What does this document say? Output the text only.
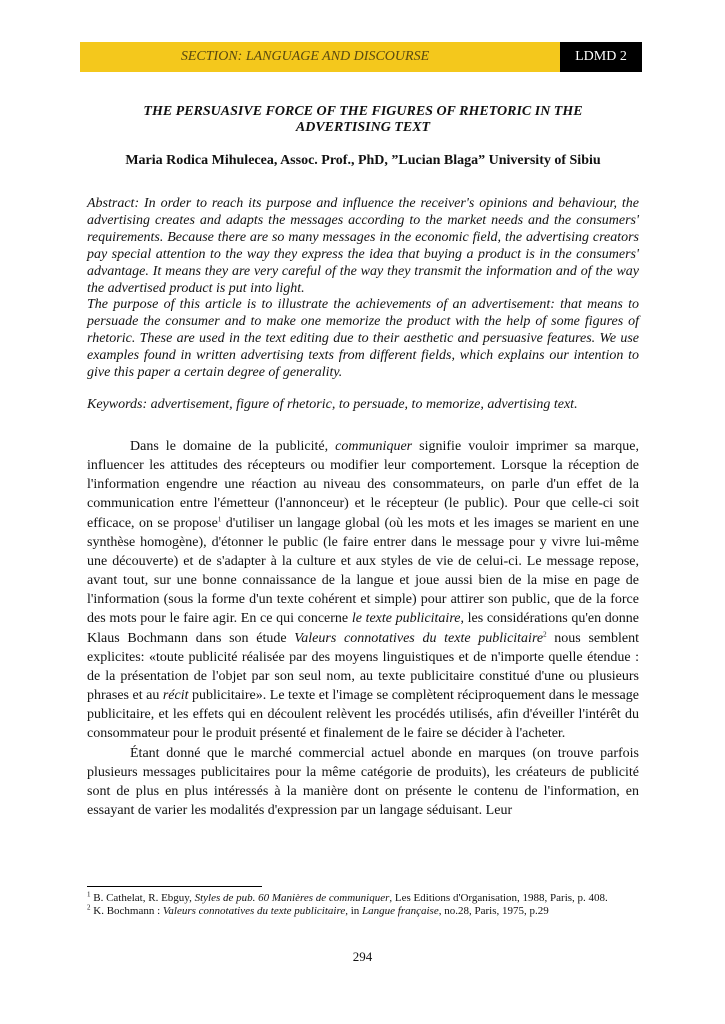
SECTION: LANGUAGE AND DISCOURSE	LDMD 2
THE PERSUASIVE FORCE OF THE FIGURES OF RHETORIC IN THE
ADVERTISING TEXT
Maria Rodica Mihulecea, Assoc. Prof., PhD, ”Lucian Blaga” University of Sibiu

Abstract: In order to reach its purpose and influence the receiver's opinions and behaviour, the advertising creates and adapts the messages according to the market needs and the consumers' requirements. Because there are so many messages in the economic field, the advertising creators pay special attention to the way they express the idea that buying a product is in the consumers' advantage. It means they are very careful of the way they transmit the information and of the way the advertised product is put into light.

The purpose of this article is to illustrate the achievements of an advertisement: that means to persuade the consumer and to make one memorize the product with the help of some figures of rhetoric. These are used in the text editing due to their aesthetic and persuasive features. We use examples found in written advertising texts from different fields, which explains our intention to give this paper a certain degree of generality.

Keywords: advertisement, figure of rhetoric, to persuade, to memorize, advertising text.

Dans le domaine de la publicité, communiquer signifie vouloir imprimer sa marque, influencer les attitudes des récepteurs ou modifier leur comportement. Lorsque la réception de l'information engendre une réaction au niveau des consommateurs, on parle d'un effet de la communication entre l'émetteur (l'annonceur) et le récepteur (le public). Pour que celle-ci soit efficace, on se propose$^1$ d'utiliser un langage global (où les mots et les images se marient en une synthèse homogène), d'étonner le public (le faire entrer dans le message pour y vivre lui-même une découverte) et de s'adapter à la culture et aux styles de vie de celui-ci. Le message repose, avant tout, sur une bonne connaissance de la langue et joue aussi bien de la mise en page de l'information (sous la forme d'un texte cohérent et simple) pour attirer son public, que de la force des mots pour le faire agir. En ce qui concerne le texte publicitaire, les considérations qu'en donne Klaus Bochmann dans son étude Valeurs connotatives du texte publicitaire$^2$ nous semblent explicites: «toute publicité réalisée par des moyens linguistiques et de n'importe quelle étendue : de la présentation de l'objet par son seul nom, au texte publicitaire constitué d'une ou plusieurs phrases et au récit publicitaire». Le texte et l'image se complètent réciproquement dans le message publicitaire, et les effets qui en découlent relèvent les procédés utilisés, afin d'éveiller l'intérêt du consommateur pour le produit présenté et finalement de le faire se décider à l'acheter.

Étant donné que le marché commercial actuel abonde en marques (on trouve parfois plusieurs messages publicitaires pour la même catégorie de produits), les créateurs de publicité sont de plus en plus intéressés à la manière dont on présente le contenu de l'information, en essayant de varier les modalités d'expression par un langage séduisant. Leur

$^1$ B. Cathelat, R. Ebguy, Styles de pub. 60 Manières de communiquer, Les Editions d'Organisation, 1988, Paris, p. 408.

$^2$ K. Bochmann : Valeurs connotatives du texte publicitaire, in Langue française, no.28, Paris, 1975, p.29

294
